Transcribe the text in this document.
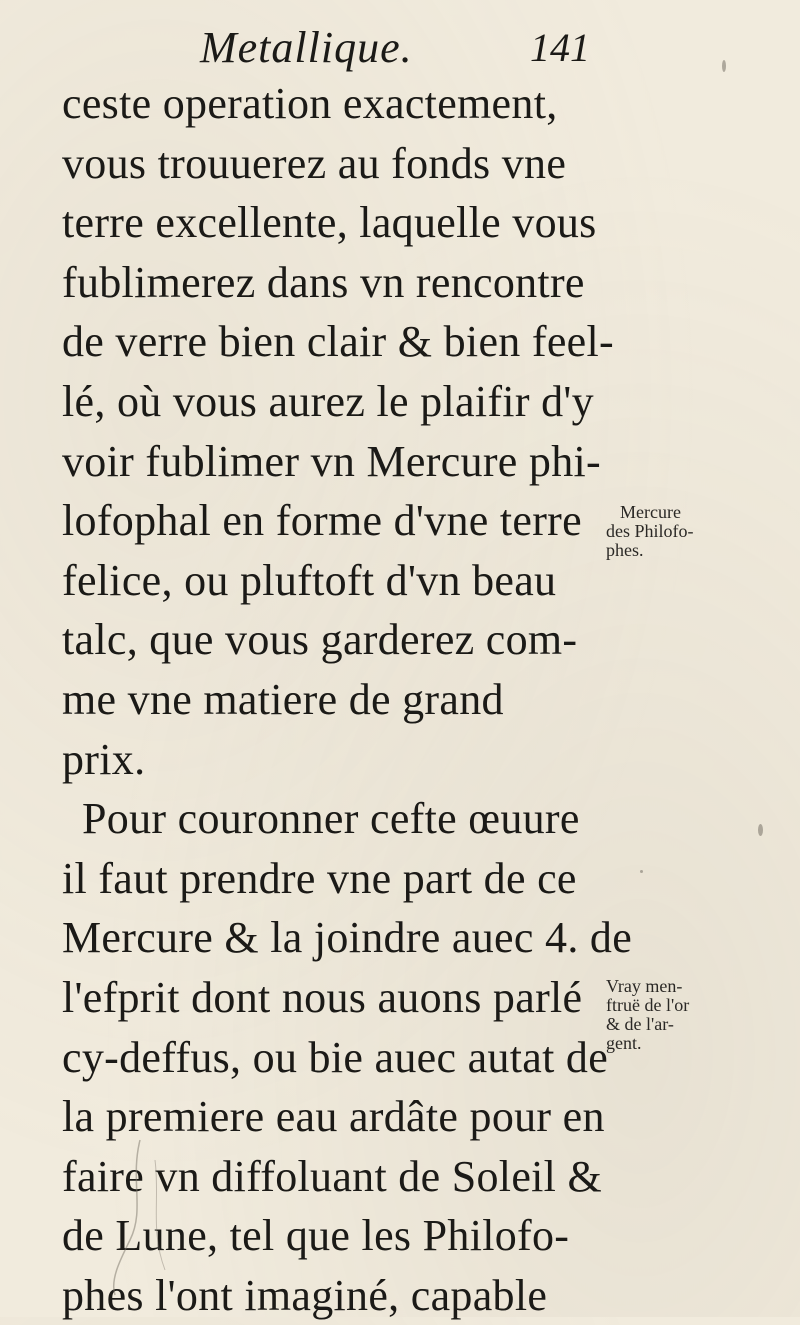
Metallique.	141
ceste operation exactement,
vous trouuerez au fonds vne
terre excellente, laquelle vous
fublimerez dans vn rencontre
de verre bien clair & bien feel-
lé, où vous aurez le plaifir d'y
voir fublimer vn Mercure phi-
lofophal en forme d'vne terre
felice, ou pluftoft d'vn beau
talc, que vous garderez com-
me vne matiere de grand
prix.
Pour couronner cefte œuure
il faut prendre vne part de ce
Mercure & la joindre auec 4. de
l'efprit dont nous auons parlé
cy-deffus, ou bie auec autat de
la premiere eau ardâte pour en
faire vn diffoluant de Soleil &
de Lune, tel que les Philofo-
phes l'ont imaginé, capable
Mercure
des Philofo-
phes.
Vray men-
ftruë de l'or
& de l'ar-
gent.
